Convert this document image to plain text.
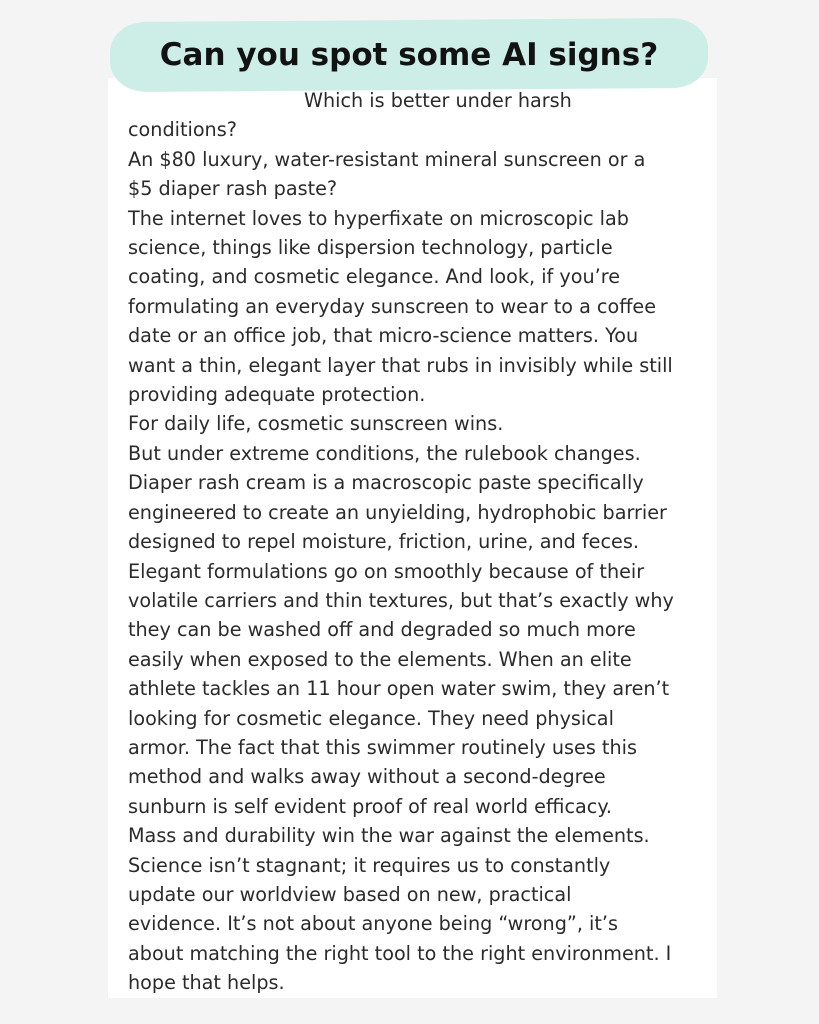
Can you spot some AI signs?
Which is better under harsh
conditions?
An $80 luxury, water-resistant mineral sunscreen or a
$5 diaper rash paste?
The internet loves to hyperfixate on microscopic lab
science, things like dispersion technology, particle
coating, and cosmetic elegance. And look, if you’re
formulating an everyday sunscreen to wear to a coffee
date or an office job, that micro-science matters. You
want a thin, elegant layer that rubs in invisibly while still
providing adequate protection.
For daily life, cosmetic sunscreen wins.
But under extreme conditions, the rulebook changes.
Diaper rash cream is a macroscopic paste specifically
engineered to create an unyielding, hydrophobic barrier
designed to repel moisture, friction, urine, and feces.
Elegant formulations go on smoothly because of their
volatile carriers and thin textures, but that’s exactly why
they can be washed off and degraded so much more
easily when exposed to the elements. When an elite
athlete tackles an 11 hour open water swim, they aren’t
looking for cosmetic elegance. They need physical
armor. The fact that this swimmer routinely uses this
method and walks away without a second-degree
sunburn is self evident proof of real world efficacy.
Mass and durability win the war against the elements.
Science isn’t stagnant; it requires us to constantly
update our worldview based on new, practical
evidence. It’s not about anyone being “wrong”, it’s
about matching the right tool to the right environment. I
hope that helps.
